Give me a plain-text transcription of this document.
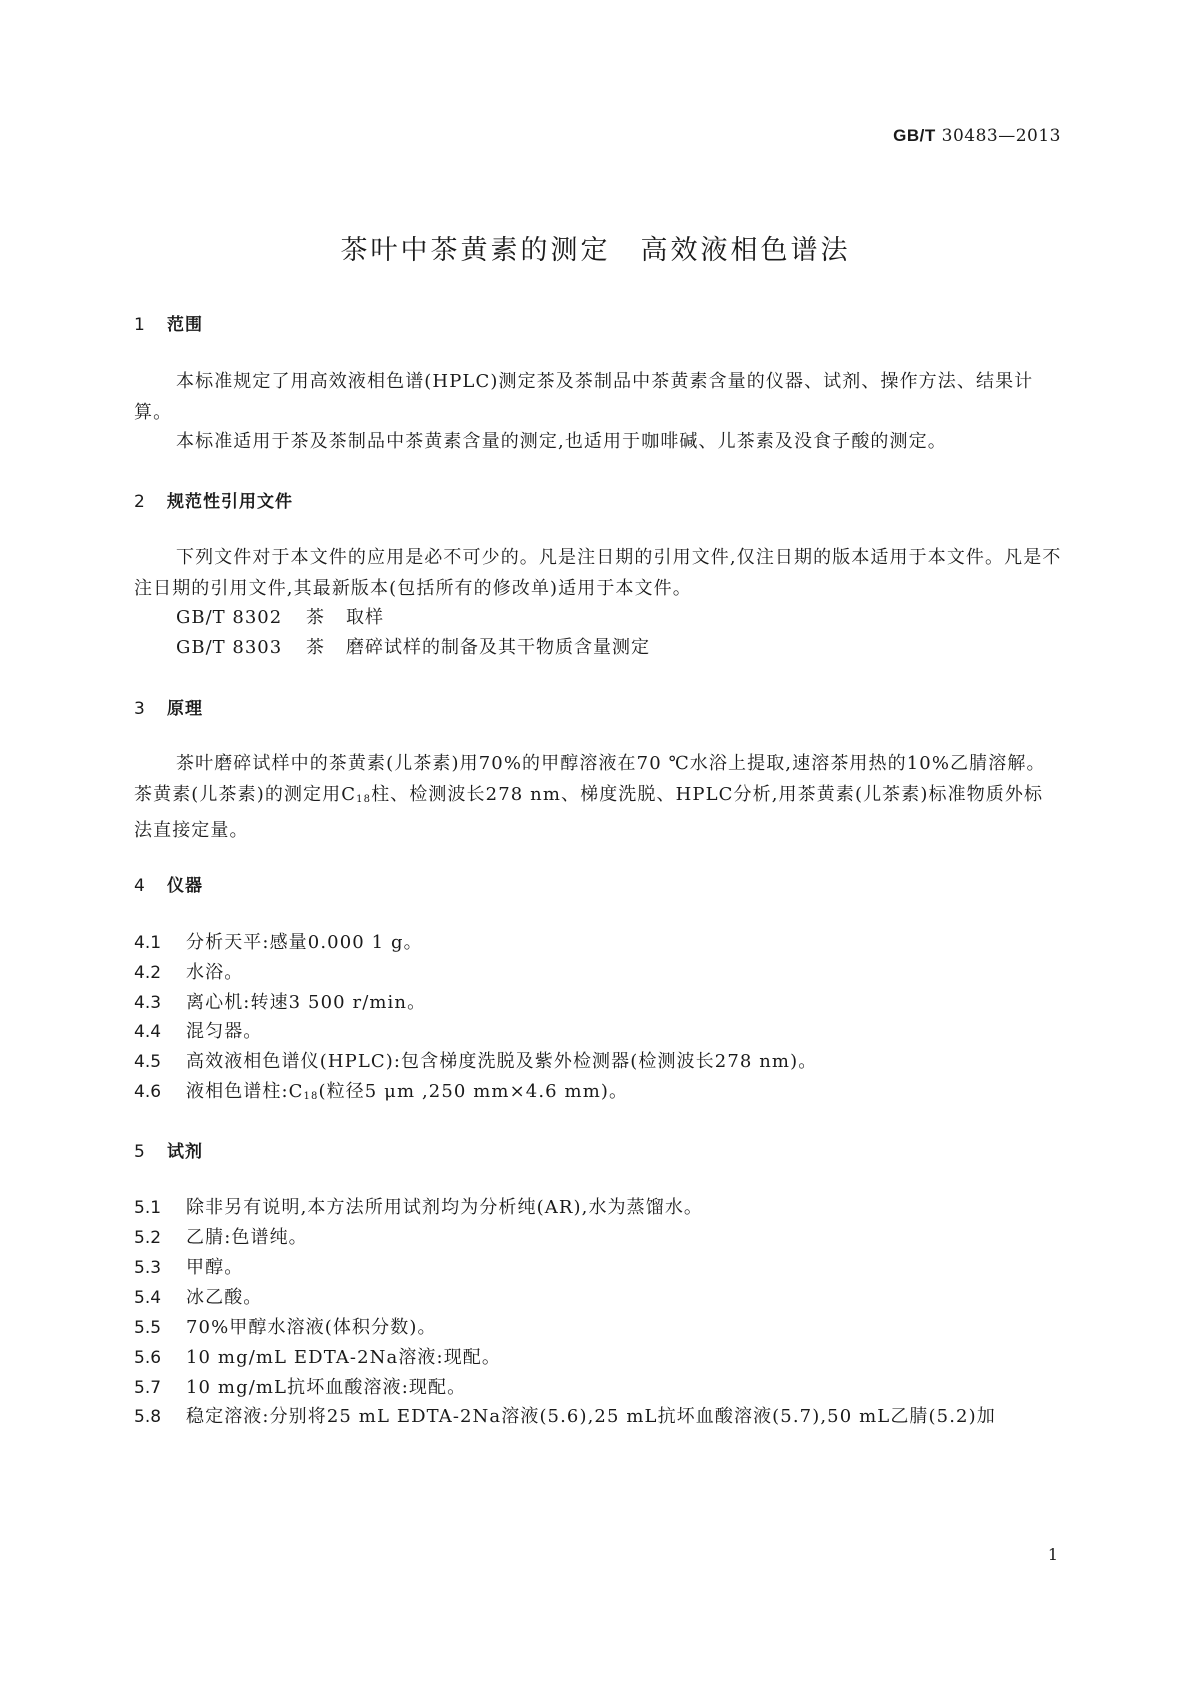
GB/T 30483—2013
茶叶中茶黄素的测定 高效液相色谱法
1 范围
本标准规定了用高效液相色谱(HPLC)测定茶及茶制品中茶黄素含量的仪器、试剂、操作方法、结果计算。
本标准适用于茶及茶制品中茶黄素含量的测定,也适用于咖啡碱、儿茶素及没食子酸的测定。
2 规范性引用文件
下列文件对于本文件的应用是必不可少的。凡是注日期的引用文件,仅注日期的版本适用于本文件。凡是不注日期的引用文件,其最新版本(包括所有的修改单)适用于本文件。
GB/T 8302 茶 取样
GB/T 8303 茶 磨碎试样的制备及其干物质含量测定
3 原理
茶叶磨碎试样中的茶黄素(儿茶素)用70%的甲醇溶液在70 ℃水浴上提取,速溶茶用热的10%乙腈溶解。茶黄素(儿茶素)的测定用$C_{18}$柱、检测波长278 nm、梯度洗脱、HPLC分析,用茶黄素(儿茶素)标准物质外标法直接定量。
4 仪器
4.1 分析天平:感量0.000 1 g。
4.2 水浴。
4.3 离心机:转速3 500 r/min。
4.4 混匀器。
4.5 高效液相色谱仪(HPLC):包含梯度洗脱及紫外检测器(检测波长278 nm)。
4.6 液相色谱柱$:C_{18}$(粒径5 μm ,250 mm×4.6 mm)。
5 试剂
5.1 除非另有说明,本方法所用试剂均为分析纯(AR),水为蒸馏水。
5.2 乙腈:色谱纯。
5.3 甲醇。
5.4 冰乙酸。
5.5 70%甲醇水溶液(体积分数)。
5.6 10 mg/mL EDTA-2Na溶液:现配。
5.7 10 mg/mL抗坏血酸溶液:现配。
5.8 稳定溶液:分别将25 mL EDTA-2Na溶液(5.6),25 mL抗坏血酸溶液(5.7),50 mL乙腈(5.2)加
1
